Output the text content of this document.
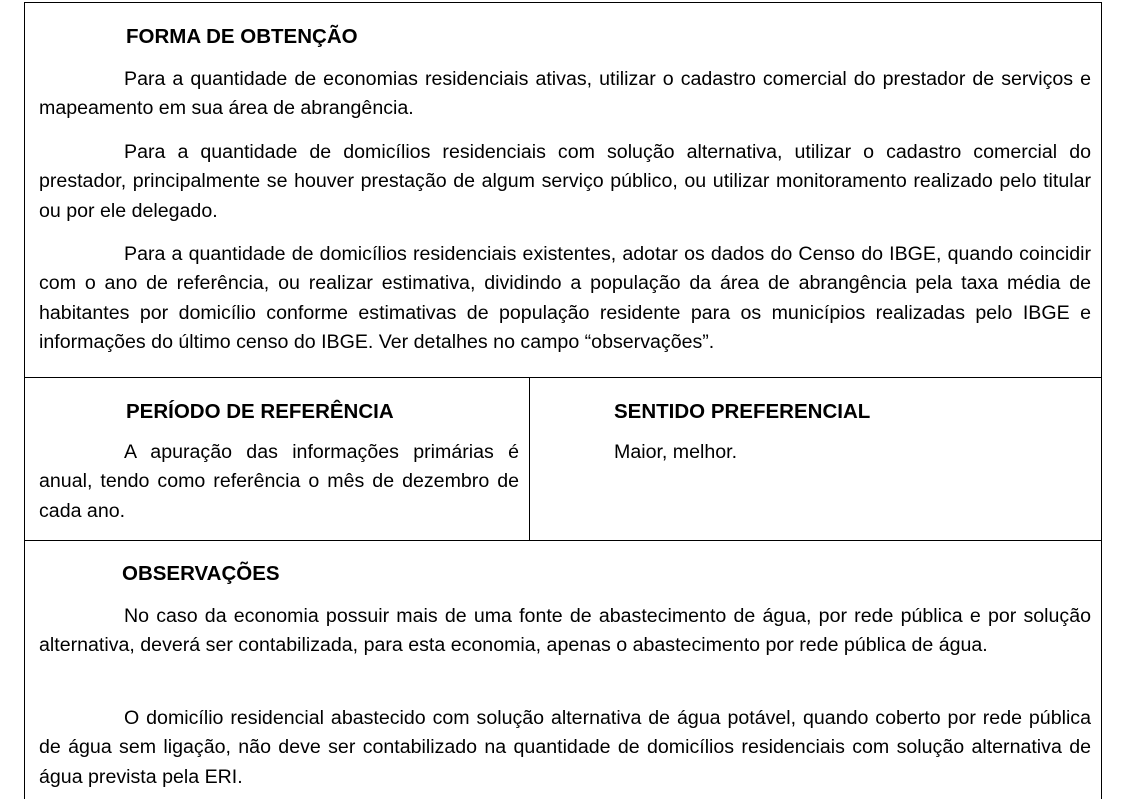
FORMA DE OBTENÇÃO

Para a quantidade de economias residenciais ativas, utilizar o cadastro comercial do prestador de serviços e mapeamento em sua área de abrangência.

Para a quantidade de domicílios residenciais com solução alternativa, utilizar o cadastro comercial do prestador, principalmente se houver prestação de algum serviço público, ou utilizar monitoramento realizado pelo titular ou por ele delegado.

Para a quantidade de domicílios residenciais existentes, adotar os dados do Censo do IBGE, quando coincidir com o ano de referência, ou realizar estimativa, dividindo a população da área de abrangência pela taxa média de habitantes por domicílio conforme estimativas de população residente para os municípios realizadas pelo IBGE e informações do último censo do IBGE. Ver detalhes no campo “observações”.

PERÍODO DE REFERÊNCIA

A apuração das informações primárias é anual, tendo como referência o mês de dezembro de cada ano.

SENTIDO PREFERENCIAL

Maior, melhor.

OBSERVAÇÕES

No caso da economia possuir mais de uma fonte de abastecimento de água, por rede pública e por solução alternativa, deverá ser contabilizada, para esta economia, apenas o abastecimento por rede pública de água.

O domicílio residencial abastecido com solução alternativa de água potável, quando coberto por rede pública de água sem ligação, não deve ser contabilizado na quantidade de domicílios residenciais com solução alternativa de água prevista pela ERI.
